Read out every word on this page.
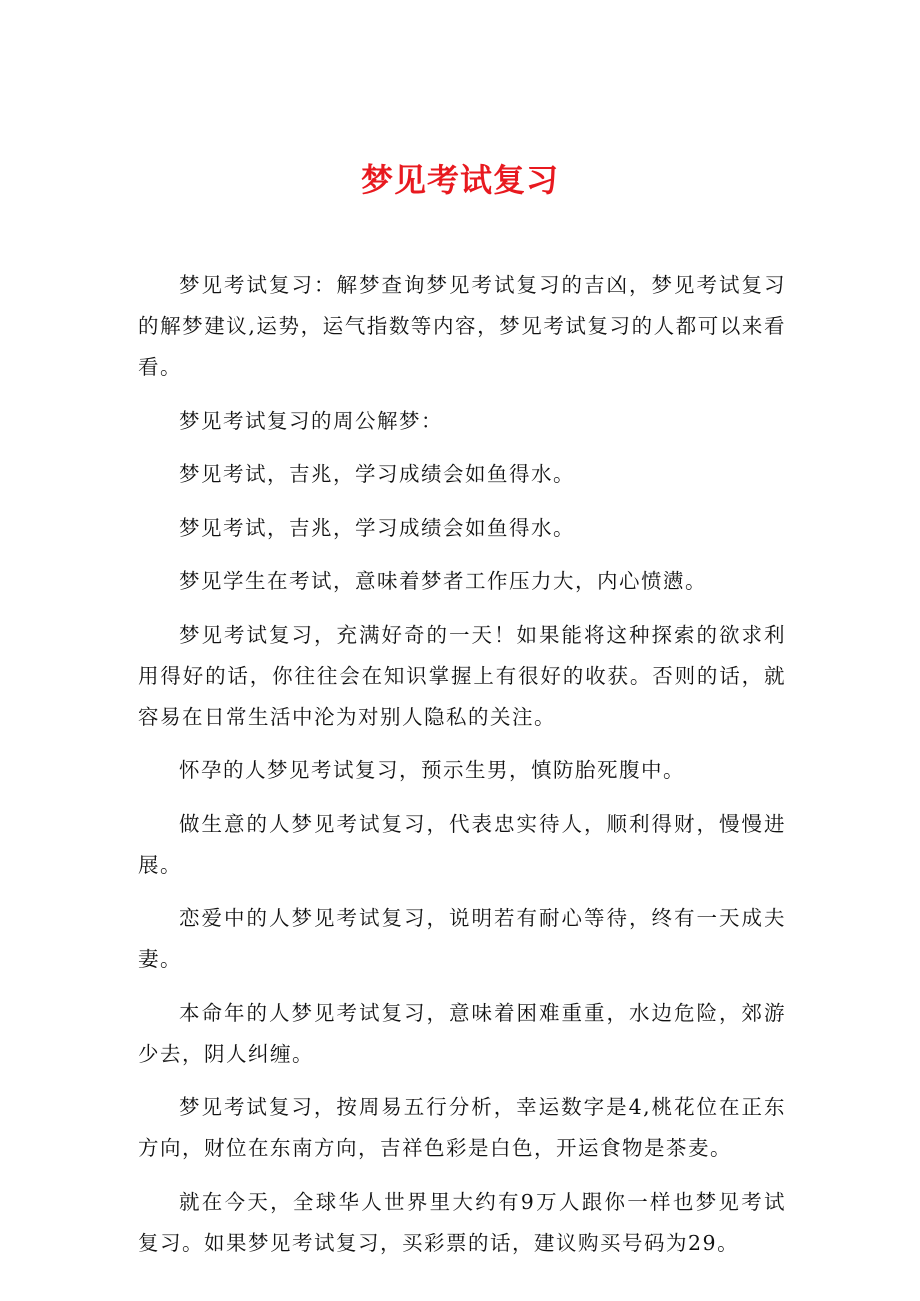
梦见考试复习

梦见考试复习：解梦查询梦见考试复习的吉凶，梦见考试复习的解梦建议,运势，运气指数等内容，梦见考试复习的人都可以来看看。

梦见考试复习的周公解梦：

梦见考试，吉兆，学习成绩会如鱼得水。

梦见考试，吉兆，学习成绩会如鱼得水。

梦见学生在考试，意味着梦者工作压力大，内心愤懑。

梦见考试复习，充满好奇的一天！如果能将这种探索的欲求利用得好的话，你往往会在知识掌握上有很好的收获。否则的话，就容易在日常生活中沦为对别人隐私的关注。

怀孕的人梦见考试复习，预示生男，慎防胎死腹中。

做生意的人梦见考试复习，代表忠实待人，顺利得财，慢慢进展。

恋爱中的人梦见考试复习，说明若有耐心等待，终有一天成夫妻。

本命年的人梦见考试复习，意味着困难重重，水边危险，郊游少去，阴人纠缠。

梦见考试复习，按周易五行分析，幸运数字是4,桃花位在正东方向，财位在东南方向，吉祥色彩是白色，开运食物是茶麦。

就在今天，全球华人世界里大约有9万人跟你一样也梦见考试复习。如果梦见考试复习，买彩票的话，建议购买号码为29。
